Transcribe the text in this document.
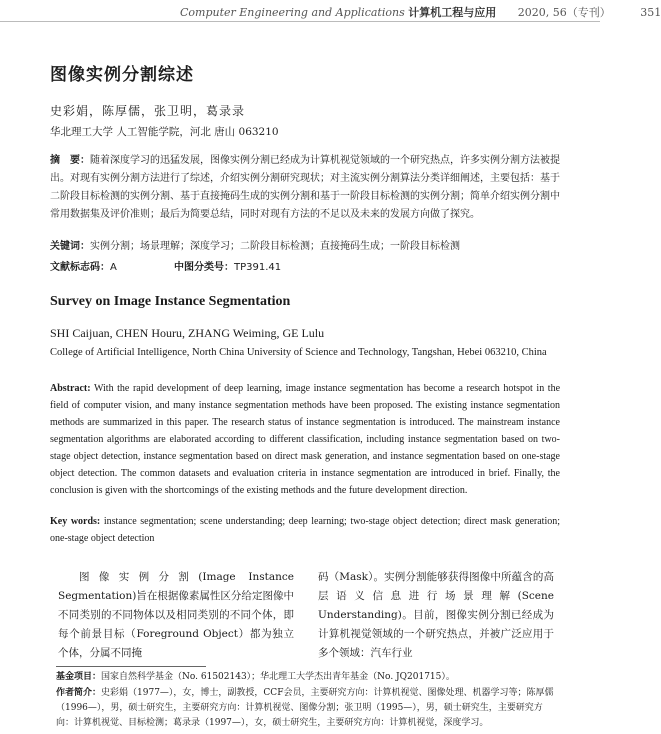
Computer Engineering and Applications 计算机工程与应用 2020, 56（专刊）	351
图像实例分割综述
史彩娟，陈厚儒，张卫明，葛录录
华北理工大学 人工智能学院，河北 唐山 063210
摘　要：随着深度学习的迅猛发展，图像实例分割已经成为计算机视觉领域的一个研究热点，许多实例分割方法被提出。对现有实例分割方法进行了综述，介绍实例分割研究现状；对主流实例分割算法分类详细阐述，主要包括：基于二阶段目标检测的实例分割、基于直接掩码生成的实例分割和基于一阶段目标检测的实例分割；简单介绍实例分割中常用数据集及评价准则；最后为简要总结，同时对现有方法的不足以及未来的发展方向做了探究。
关键词：实例分割；场景理解；深度学习；二阶段目标检测；直接掩码生成；一阶段目标检测
文献标志码：A	中图分类号：TP391.41
Survey on Image Instance Segmentation
SHI Caijuan, CHEN Houru, ZHANG Weiming, GE Lulu
College of Artificial Intelligence, North China University of Science and Technology, Tangshan, Hebei 063210, China
Abstract: With the rapid development of deep learning, image instance segmentation has become a research hotspot in the field of computer vision, and many instance segmentation methods have been proposed. The existing instance segmentation methods are summarized in this paper. The research status of instance segmentation is introduced. The mainstream instance segmentation algorithms are elaborated according to different classification, including instance segmentation based on two-stage object detection, instance segmentation based on direct mask generation, and instance segmentation based on one-stage object detection. The common datasets and evaluation criteria in instance segmentation are introduced in brief. Finally, the conclusion is given with the shortcomings of the existing methods and the future development direction.
Key words: instance segmentation; scene understanding; deep learning; two-stage object detection; direct mask generation; one-stage object detection
图像实例分割(Image Instance Segmentation)旨在根据像素属性区分给定图像中不同类别的不同物体以及相同类别的不同个体，即每个前景目标（Foreground Object）都为独立个体，分属不同掩
码（Mask）。实例分割能够获得图像中所蕴含的高层语义信息进行场景理解(Scene Understanding)。目前，图像实例分割已经成为计算机视觉领域的一个研究热点，并被广泛应用于多个领域：汽车行业
基金项目：国家自然科学基金（No. 61502143）；华北理工大学杰出青年基金（No. JQ201715）。
作者简介：史彩娟（1977—），女，博士，副教授，CCF会员，主要研究方向：计算机视觉、图像处理、机器学习等；陈厚儒（1996—），男，硕士研究生，主要研究方向：计算机视觉、图像分割；张卫明（1995—），男，硕士研究生，主要研究方向：计算机视觉、目标检测；葛录录（1997—），女，硕士研究生，主要研究方向：计算机视觉，深度学习。
